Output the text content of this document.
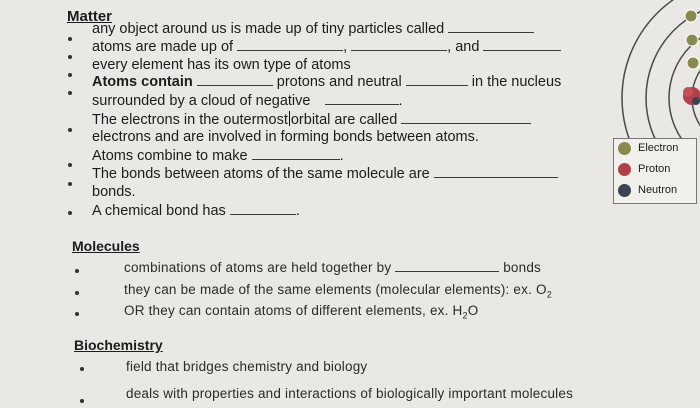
Matter
any object around us is made up of tiny particles called
atoms are made up of	,	, and
every element has its own type of atoms
Atoms contain	protons and neutral	in the nucleus
surrounded by a cloud of negative	.
The electrons in the outermost orbital are called
electrons and are involved in forming bonds between atoms.
Atoms combine to make	.
The bonds between atoms of the same molecule are
bonds.
A chemical bond has	.
Molecules
combinations of atoms are held together by	bonds
they can be made of the same elements (molecular elements): ex. $O_2$
OR they can contain atoms of different elements, ex. $H_2O$
Biochemistry
field that bridges chemistry and biology
deals with properties and interactions of biologically important molecules
Electron
Proton
Neutron
